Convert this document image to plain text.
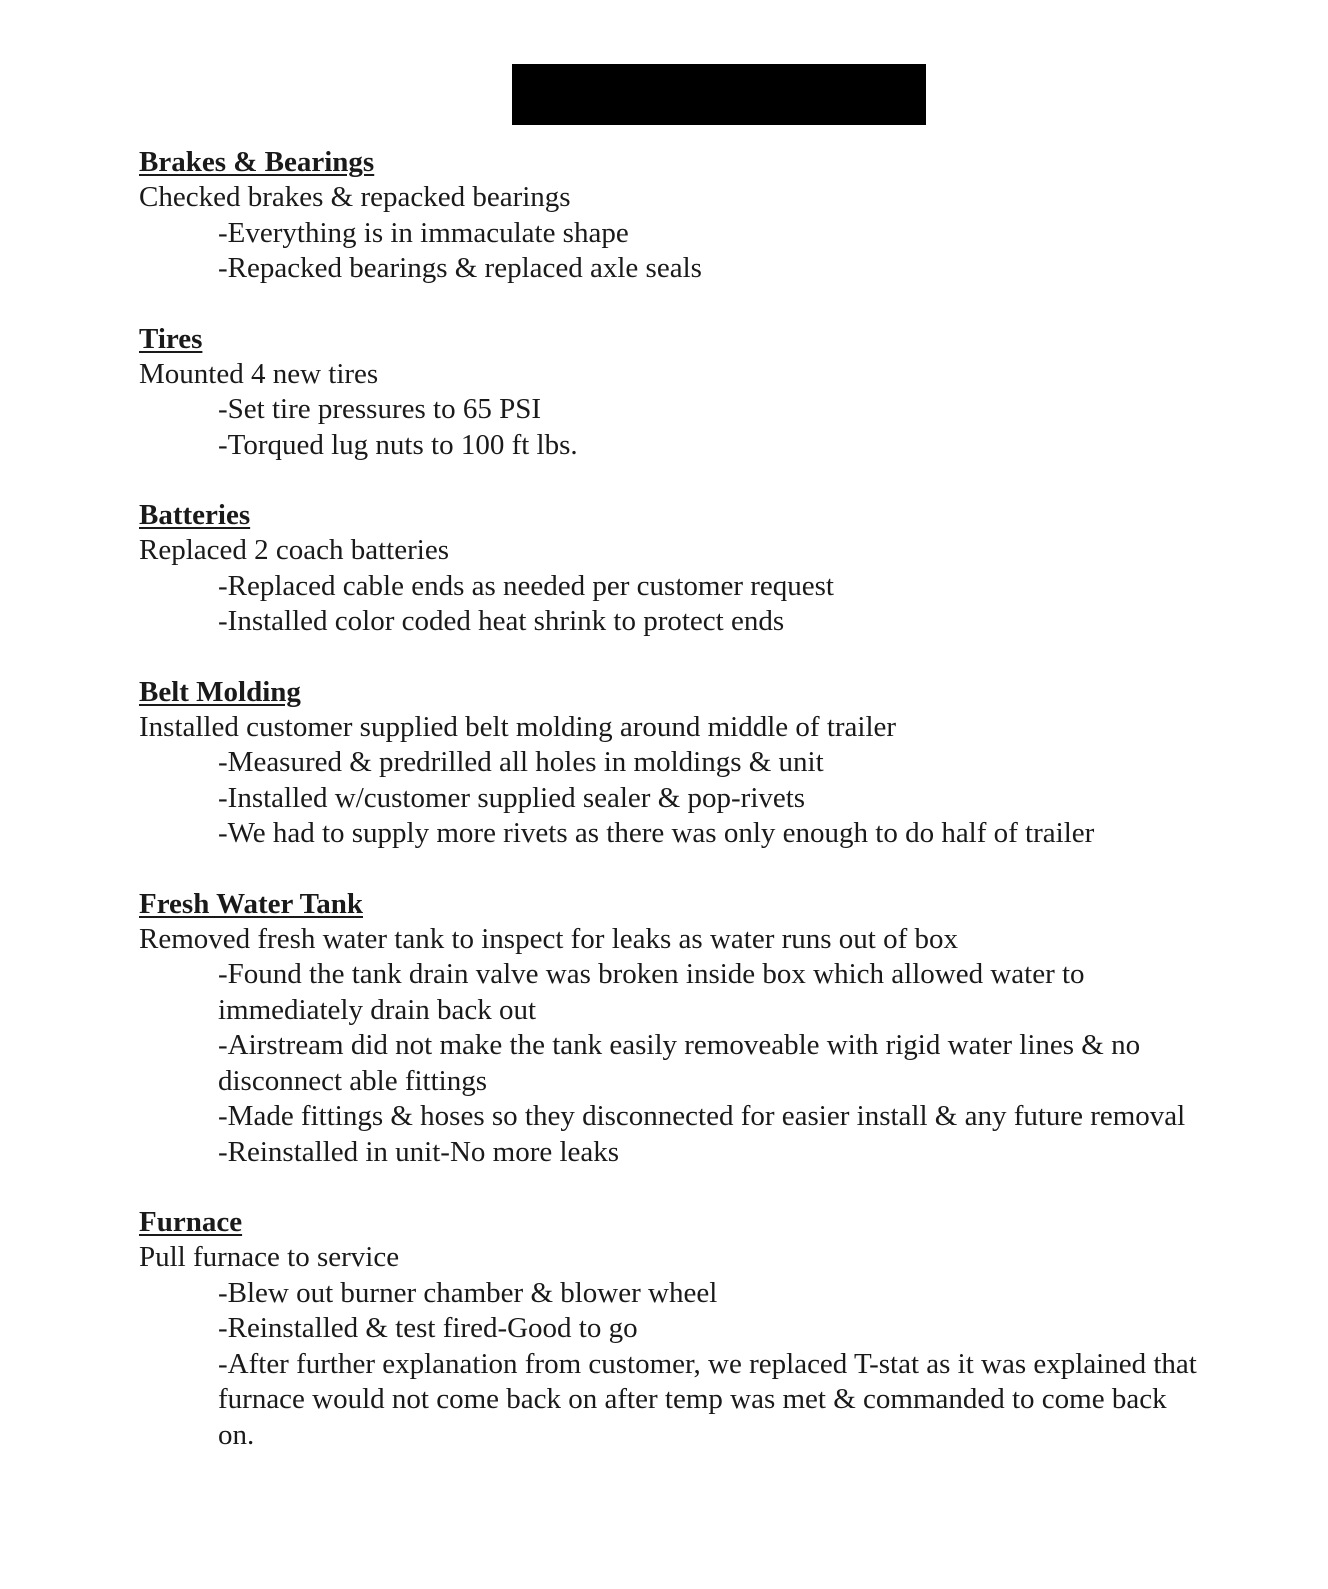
Brakes & Bearings

Checked brakes & repacked bearings

-Everything is in immaculate shape
-Repacked bearings & replaced axle seals

Tires

Mounted 4 new tires

-Set tire pressures to 65 PSI
-Torqued lug nuts to 100 ft lbs.

Batteries

Replaced 2 coach batteries

-Replaced cable ends as needed per customer request
-Installed color coded heat shrink to protect ends

Belt Molding

Installed customer supplied belt molding around middle of trailer

-Measured & predrilled all holes in moldings & unit
-Installed w/customer supplied sealer & pop-rivets
-We had to supply more rivets as there was only enough to do half of trailer

Fresh Water Tank

Removed fresh water tank to inspect for leaks as water runs out of box

-Found the tank drain valve was broken inside box which allowed water to immediately drain back out
-Airstream did not make the tank easily removeable with rigid water lines & no disconnect able fittings
-Made fittings & hoses so they disconnected for easier install & any future removal
-Reinstalled in unit-No more leaks

Furnace

Pull furnace to service

-Blew out burner chamber & blower wheel
-Reinstalled & test fired-Good to go
-After further explanation from customer, we replaced T-stat as it was explained that furnace would not come back on after temp was met & commanded to come back on.
